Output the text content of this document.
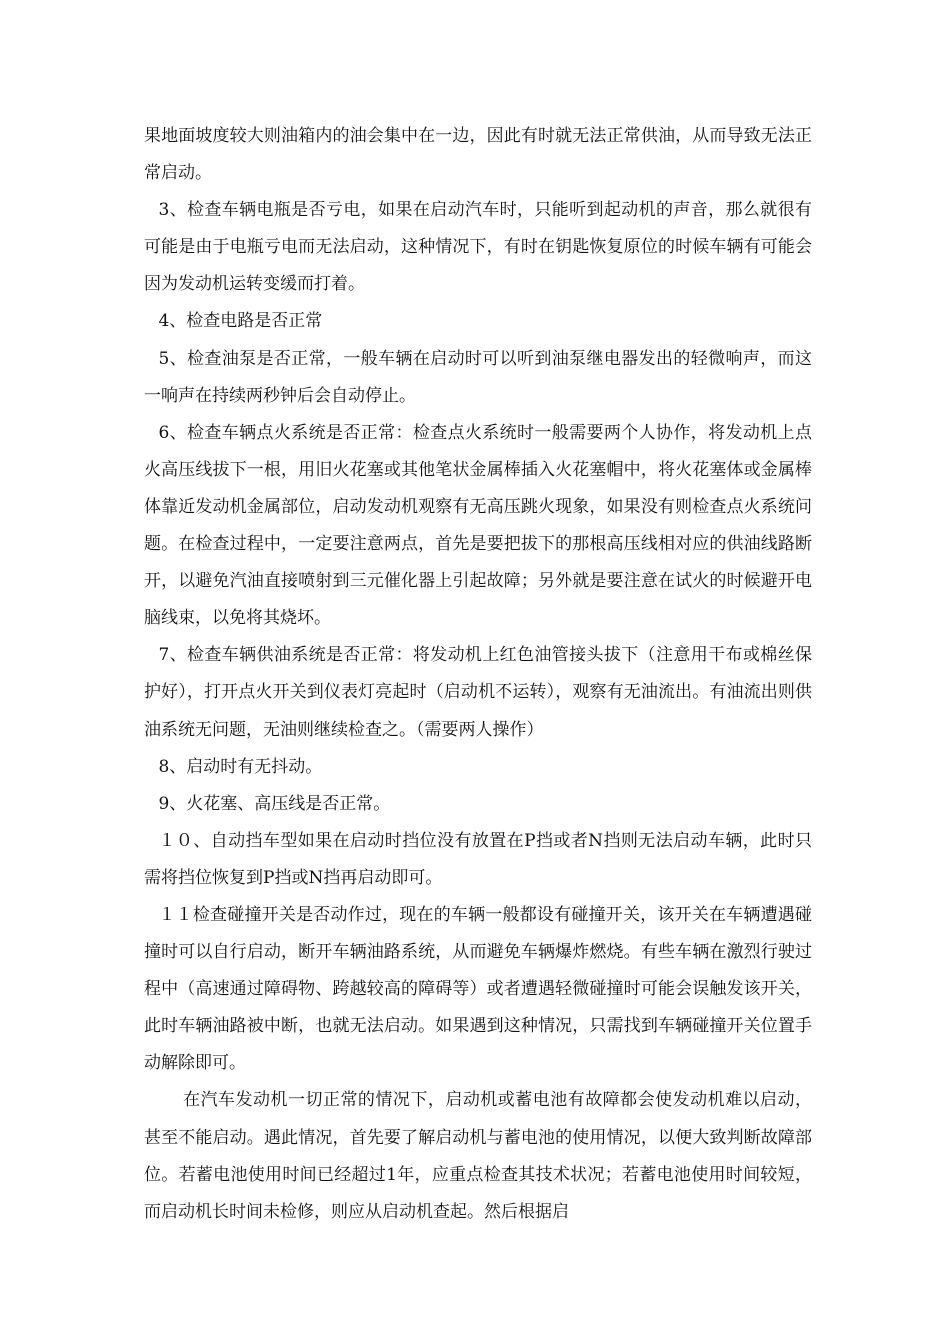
果地面坡度较大则油箱内的油会集中在一边，因此有时就无法正常供油，从而导致无法正常启动。

3、检查车辆电瓶是否亏电，如果在启动汽车时，只能听到起动机的声音，那么就很有可能是由于电瓶亏电而无法启动，这种情况下，有时在钥匙恢复原位的时候车辆有可能会因为发动机运转变缓而打着。

4、检查电路是否正常

5、检查油泵是否正常，一般车辆在启动时可以听到油泵继电器发出的轻微响声，而这一响声在持续两秒钟后会自动停止。

6、检查车辆点火系统是否正常：检查点火系统时一般需要两个人协作，将发动机上点火高压线拔下一根，用旧火花塞或其他笔状金属棒插入火花塞帽中，将火花塞体或金属棒体靠近发动机金属部位，启动发动机观察有无高压跳火现象，如果没有则检查点火系统问题。在检查过程中，一定要注意两点，首先是要把拔下的那根高压线相对应的供油线路断开，以避免汽油直接喷射到三元催化器上引起故障；另外就是要注意在试火的时候避开电脑线束，以免将其烧坏。

7、检查车辆供油系统是否正常：将发动机上红色油管接头拔下（注意用干布或棉丝保护好），打开点火开关到仪表灯亮起时（启动机不运转），观察有无油流出。有油流出则供油系统无问题，无油则继续检查之。（需要两人操作）

8、启动时有无抖动。

9、火花塞、高压线是否正常。

１０、自动挡车型如果在启动时挡位没有放置在P挡或者N挡则无法启动车辆，此时只需将挡位恢复到P挡或N挡再启动即可。

１１检查碰撞开关是否动作过，现在的车辆一般都设有碰撞开关，该开关在车辆遭遇碰撞时可以自行启动，断开车辆油路系统，从而避免车辆爆炸燃烧。有些车辆在激烈行驶过程中（高速通过障碍物、跨越较高的障碍等）或者遭遇轻微碰撞时可能会误触发该开关，此时车辆油路被中断，也就无法启动。如果遇到这种情况，只需找到车辆碰撞开关位置手动解除即可。

在汽车发动机一切正常的情况下，启动机或蓄电池有故障都会使发动机难以启动，甚至不能启动。遇此情况，首先要了解启动机与蓄电池的使用情况，以便大致判断故障部位。若蓄电池使用时间已经超过1年，应重点检查其技术状况；若蓄电池使用时间较短，而启动机长时间未检修，则应从启动机查起。然后根据启
